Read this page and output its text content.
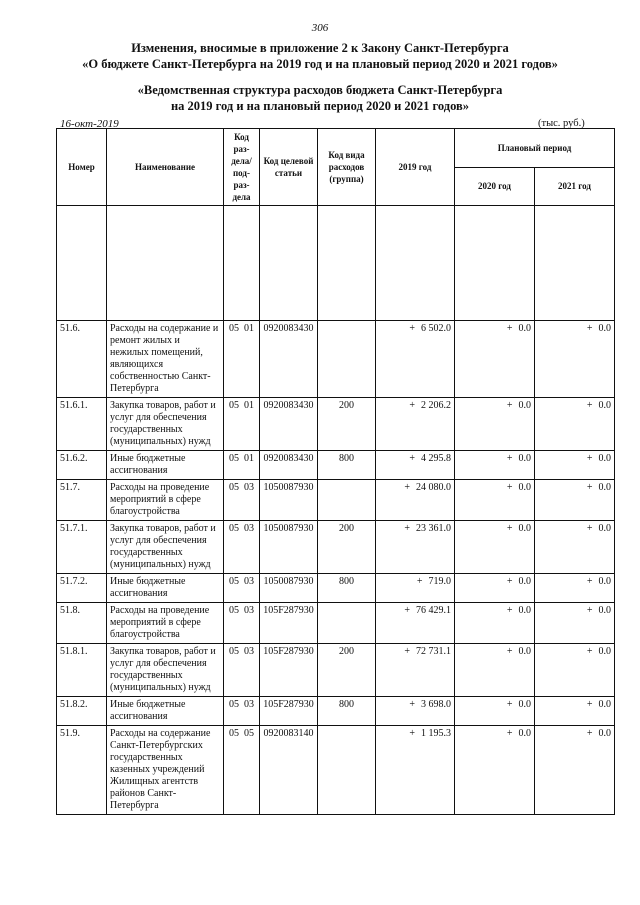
306
Изменения, вносимые в приложение 2 к Закону Санкт-Петербурга
«О бюджете Санкт-Петербурга на 2019 год и на плановый период 2020 и 2021 годов»
«Ведомственная структура расходов бюджета Санкт-Петербурга
на 2019 год и на плановый период 2020 и 2021 годов»
16-окт-2019	(тыс. руб.)
Номер	Наименование	Код раз-дела/ под-раз-дела	Код целевой статьи	Код вида расходов (группа)	2019 год	Плановый период	
						2020 год	2021 год

51.6.	Расходы на содержание и ремонт жилых и нежилых помещений, являющихся собственностью Санкт-Петербурга	05 01	0920083430		+ 6 502.0	+ 0.0	+ 0.0
51.6.1.	Закупка товаров, работ и услуг для обеспечения государственных (муниципальных) нужд	05 01	0920083430	200	+ 2 206.2	+ 0.0	+ 0.0
51.6.2.	Иные бюджетные ассигнования	05 01	0920083430	800	+ 4 295.8	+ 0.0	+ 0.0
51.7.	Расходы на проведение мероприятий в сфере благоустройства	05 03	1050087930		+ 24 080.0	+ 0.0	+ 0.0
51.7.1.	Закупка товаров, работ и услуг для обеспечения государственных (муниципальных) нужд	05 03	1050087930	200	+ 23 361.0	+ 0.0	+ 0.0
51.7.2.	Иные бюджетные ассигнования	05 03	1050087930	800	+ 719.0	+ 0.0	+ 0.0
51.8.	Расходы на проведение мероприятий в сфере благоустройства	05 03	105F287930		+ 76 429.1	+ 0.0	+ 0.0
51.8.1.	Закупка товаров, работ и услуг для обеспечения государственных (муниципальных) нужд	05 03	105F287930	200	+ 72 731.1	+ 0.0	+ 0.0
51.8.2.	Иные бюджетные ассигнования	05 03	105F287930	800	+ 3 698.0	+ 0.0	+ 0.0
51.9.	Расходы на содержание Санкт-Петербургских государственных казенных учреждений Жилищных агентств районов Санкт-Петербурга	05 05	0920083140		+ 1 195.3	+ 0.0	+ 0.0
